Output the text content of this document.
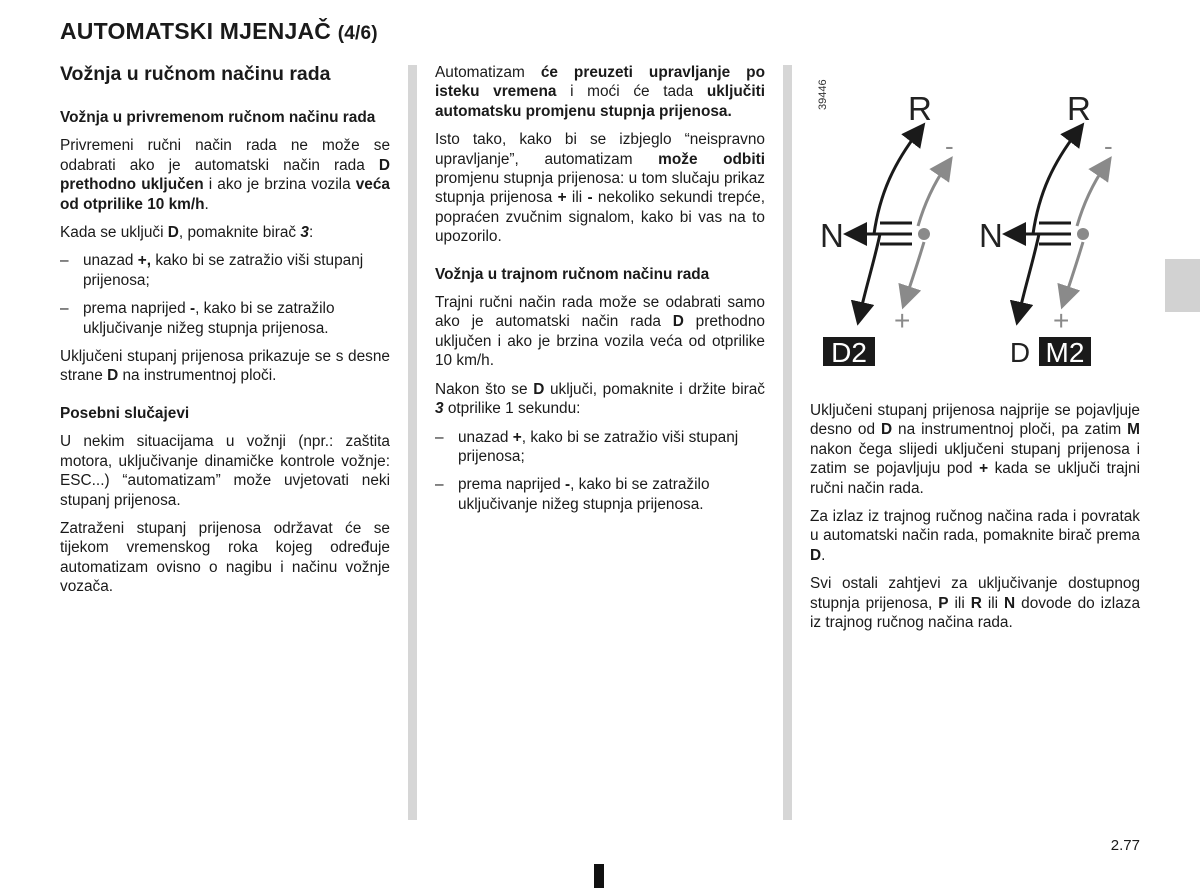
AUTOMATSKI MJENJAČ (4/6)
Vožnja u ručnom načinu rada
Vožnja u privremenom ručnom načinu rada

Privremeni ručni način rada ne može se odabrati ako je automatski način rada D prethodno uključen i ako je brzina vozila veća od otprilike 10 km/h.

Kada se uključi D, pomaknite birač 3:

– unazad +, kako bi se zatražio viši stupanj prijenosa;
– prema naprijed -, kako bi se zatražilo uključivanje nižeg stupnja prijenosa.

Uključeni stupanj prijenosa prikazuje se s desne strane D na instrumentnoj ploči.

Posebni slučajevi

U nekim situacijama u vožnji (npr.: zaštita motora, uključivanje dinamičke kontrole vožnje: ESC...) “automatizam” može uvjetovati neki stupanj prijenosa.

Zatraženi stupanj prijenosa održavat će se tijekom vremenskog roka kojeg određuje automatizam ovisno o nagibu i načinu vožnje vozača.

Automatizam će preuzeti upravljanje po isteku vremena i moći će tada uključiti automatsku promjenu stupnja prijenosa.

Isto tako, kako bi se izbjeglo “neispravno upravljanje”, automatizam može odbiti promjenu stupnja prijenosa: u tom slučaju prikaz stupnja prijenosa + ili - nekoliko sekundi trepće, popraćen zvučnim signalom, kako bi vas na to upozorilo.

Vožnja u trajnom ručnom načinu rada

Trajni ručni način rada može se odabrati samo ako je automatski način rada D prethodno uključen i ako je brzina vozila veća od otprilike 10 km/h.

Nakon što se D uključi, pomaknite i držite birač 3 otprilike 1 sekundu:

– unazad +, kako bi se zatražio viši stupanj prijenosa;
– prema naprijed -, kako bi se zatražilo uključivanje nižeg stupnja prijenosa.
39446 R
-
N
+
D2
R
-
N
+
D M2

Uključeni stupanj prijenosa najprije se pojavljuje desno od D na instrumentnoj ploči, pa zatim M nakon čega slijedi uključeni stupanj prijenosa i zatim se pojavljuju pod + kada se uključi trajni ručni način rada.

Za izlaz iz trajnog ručnog načina rada i povratak u automatski način rada, pomaknite birač prema D.

Svi ostali zahtjevi za uključivanje dostupnog stupnja prijenosa, P ili R ili N dovode do izlaza iz trajnog ručnog načina rada.

2.77
